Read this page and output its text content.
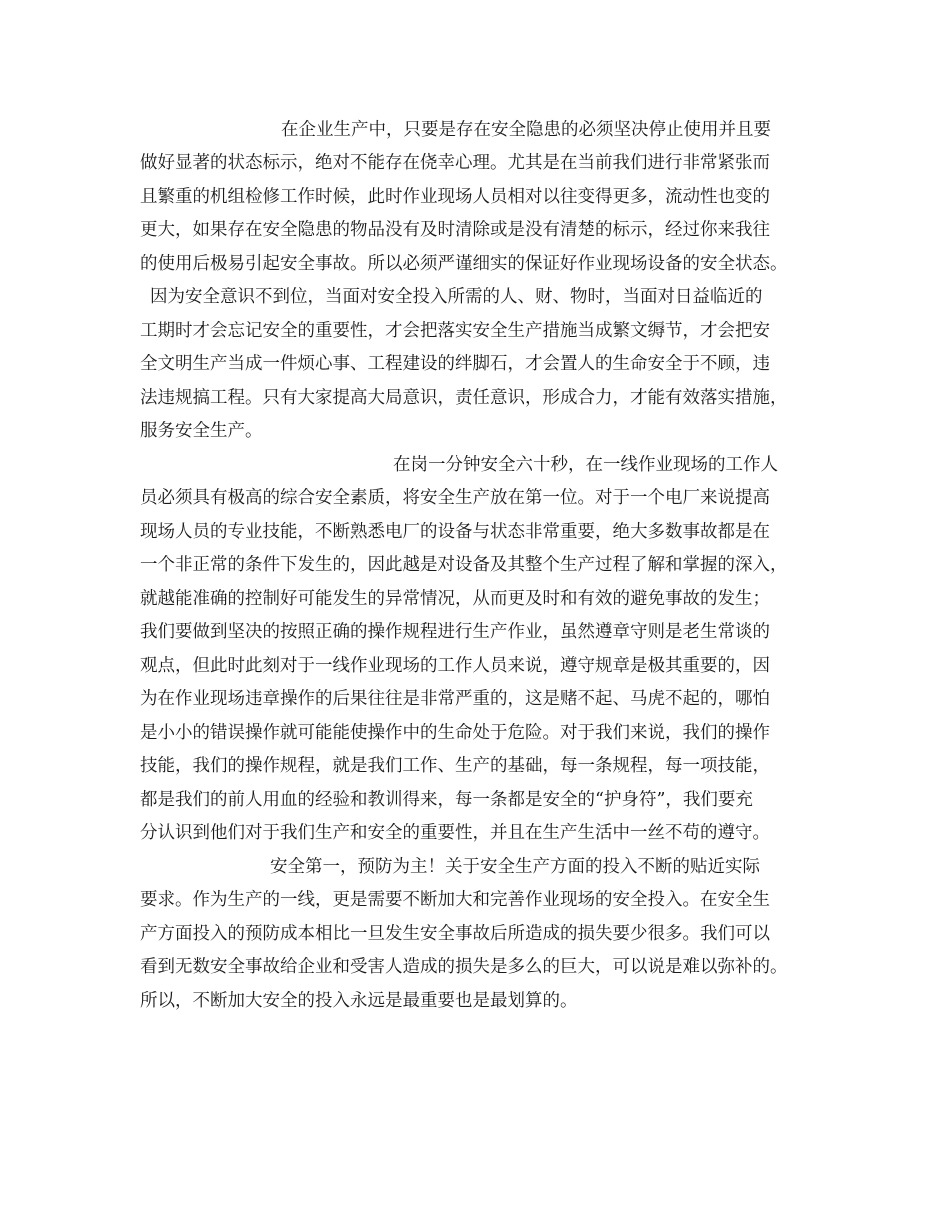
在企业生产中，只要是存在安全隐患的必须坚决停止使用并且要
做好显著的状态标示，绝对不能存在侥幸心理。尤其是在当前我们进行非常紧张而
且繁重的机组检修工作时候，此时作业现场人员相对以往变得更多，流动性也变的
更大，如果存在安全隐患的物品没有及时清除或是没有清楚的标示，经过你来我往
的使用后极易引起安全事故。所以必须严谨细实的保证好作业现场设备的安全状态。
因为安全意识不到位，当面对安全投入所需的人、财、物时，当面对日益临近的
工期时才会忘记安全的重要性，才会把落实安全生产措施当成繁文缛节，才会把安
全文明生产当成一件烦心事、工程建设的绊脚石，才会置人的生命安全于不顾，违
法违规搞工程。只有大家提高大局意识，责任意识，形成合力，才能有效落实措施，
服务安全生产。
在岗一分钟安全六十秒，在一线作业现场的工作人
员必须具有极高的综合安全素质，将安全生产放在第一位。对于一个电厂来说提高
现场人员的专业技能，不断熟悉电厂的设备与状态非常重要，绝大多数事故都是在
一个非正常的条件下发生的，因此越是对设备及其整个生产过程了解和掌握的深入，
就越能准确的控制好可能发生的异常情况，从而更及时和有效的避免事故的发生；
我们要做到坚决的按照正确的操作规程进行生产作业，虽然遵章守则是老生常谈的
观点，但此时此刻对于一线作业现场的工作人员来说，遵守规章是极其重要的，因
为在作业现场违章操作的后果往往是非常严重的，这是赌不起、马虎不起的，哪怕
是小小的错误操作就可能能使操作中的生命处于危险。对于我们来说，我们的操作
技能，我们的操作规程，就是我们工作、生产的基础，每一条规程，每一项技能，
都是我们的前人用血的经验和教训得来，每一条都是安全的“护身符”，我们要充
分认识到他们对于我们生产和安全的重要性，并且在生产生活中一丝不苟的遵守。
安全第一，预防为主！关于安全生产方面的投入不断的贴近实际
要求。作为生产的一线，更是需要不断加大和完善作业现场的安全投入。在安全生
产方面投入的预防成本相比一旦发生安全事故后所造成的损失要少很多。我们可以
看到无数安全事故给企业和受害人造成的损失是多么的巨大，可以说是难以弥补的。
所以，不断加大安全的投入永远是最重要也是最划算的。
